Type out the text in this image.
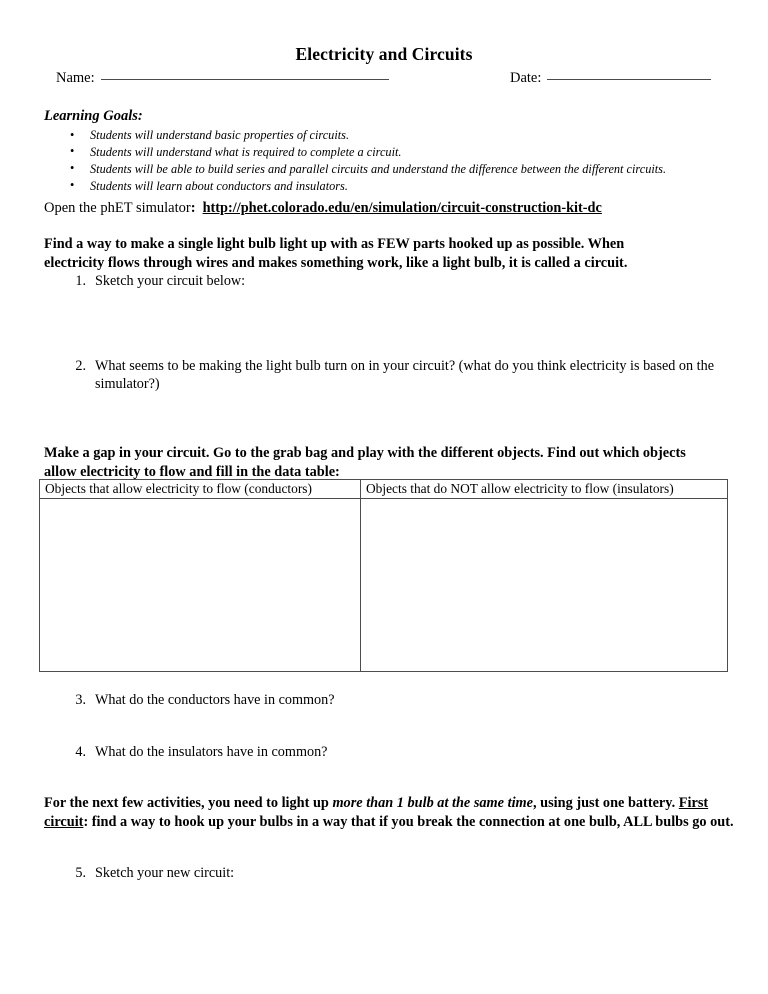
Electricity and Circuits
Name:	Date:
Learning Goals:
• Students will understand basic properties of circuits.
• Students will understand what is required to complete a circuit.
• Students will be able to build series and parallel circuits and understand the difference between the different circuits.
• Students will learn about conductors and insulators.
Open the phET simulator: http://phet.colorado.edu/en/simulation/circuit-construction-kit-dc
Find a way to make a single light bulb light up with as FEW parts hooked up as possible. When electricity flows through wires and makes something work, like a light bulb, it is called a circuit.
1. Sketch your circuit below:
2. What seems to be making the light bulb turn on in your circuit? (what do you think electricity is based on the simulator?)
Make a gap in your circuit. Go to the grab bag and play with the different objects. Find out which objects allow electricity to flow and fill in the data table:
Objects that allow electricity to flow (conductors)	Objects that do NOT allow electricity to flow (insulators)
3. What do the conductors have in common?
4. What do the insulators have in common?
For the next few activities, you need to light up more than 1 bulb at the same time, using just one battery. First circuit: find a way to hook up your bulbs in a way that if you break the connection at one bulb, ALL bulbs go out.
5. Sketch your new circuit:
